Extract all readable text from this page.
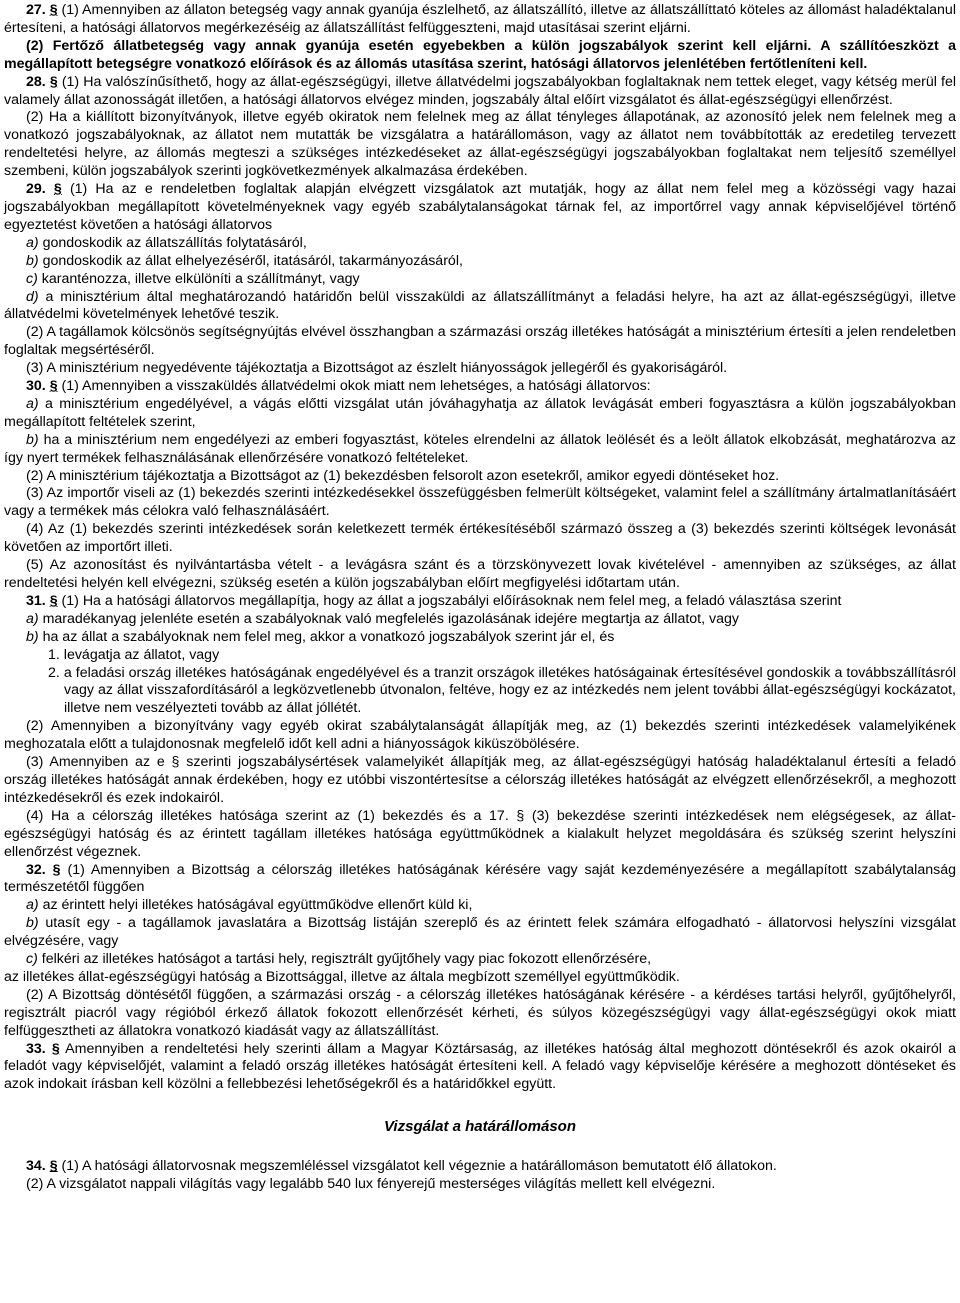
27. § (1) Amennyiben az állaton betegség vagy annak gyanúja észlelhető, az állatszállító, illetve az állatszállíttató köteles az állomást haladéktalanul értesíteni, a hatósági állatorvos megérkezéséig az állatszállítást felfüggeszteni, majd utasításai szerint eljárni.

(2) Fertőző állatbetegség vagy annak gyanúja esetén egyebekben a külön jogszabályok szerint kell eljárni. A szállítóeszközt a megállapított betegségre vonatkozó előírások és az állomás utasítása szerint, hatósági állatorvos jelenlétében fertőtleníteni kell.

28. § (1) Ha valószínűsíthető, hogy az állat-egészségügyi, illetve állatvédelmi jogszabályokban foglaltaknak nem tettek eleget, vagy kétség merül fel valamely állat azonosságát illetően, a hatósági állatorvos elvégez minden, jogszabály által előírt vizsgálatot és állat-egészségügyi ellenőrzést.

(2) Ha a kiállított bizonyítványok, illetve egyéb okiratok nem felelnek meg az állat tényleges állapotának, az azonosító jelek nem felelnek meg a vonatkozó jogszabályoknak, az állatot nem mutatták be vizsgálatra a határállomáson, vagy az állatot nem továbbították az eredetileg tervezett rendeltetési helyre, az állomás megteszi a szükséges intézkedéseket az állat-egészségügyi jogszabályokban foglaltakat nem teljesítő személlyel szembeni, külön jogszabályok szerinti jogkövetkezmények alkalmazása érdekében.

29. § (1) Ha az e rendeletben foglaltak alapján elvégzett vizsgálatok azt mutatják, hogy az állat nem felel meg a közösségi vagy hazai jogszabályokban megállapított követelményeknek vagy egyéb szabálytalanságokat tárnak fel, az importőrrel vagy annak képviselőjével történő egyeztetést követően a hatósági állatorvos

a) gondoskodik az állatszállítás folytatásáról,

b) gondoskodik az állat elhelyezéséről, itatásáról, takarmányozásáról,

c) karanténozza, illetve elkülöníti a szállítmányt, vagy

d) a minisztérium által meghatározandó határidőn belül visszaküldi az állatszállítmányt a feladási helyre, ha azt az állat-egészségügyi, illetve állatvédelmi követelmények lehetővé teszik.

(2) A tagállamok kölcsönös segítségnyújtás elvével összhangban a származási ország illetékes hatóságát a minisztérium értesíti a jelen rendeletben foglaltak megsértéséről.

(3) A minisztérium negyedévente tájékoztatja a Bizottságot az észlelt hiányosságok jellegéről és gyakoriságáról.

30. § (1) Amennyiben a visszaküldés állatvédelmi okok miatt nem lehetséges, a hatósági állatorvos:

a) a minisztérium engedélyével, a vágás előtti vizsgálat után jóváhagyhatja az állatok levágását emberi fogyasztásra a külön jogszabályokban megállapított feltételek szerint,

b) ha a minisztérium nem engedélyezi az emberi fogyasztást, köteles elrendelni az állatok leölését és a leölt állatok elkobzását, meghatározva az így nyert termékek felhasználásának ellenőrzésére vonatkozó feltételeket.

(2) A minisztérium tájékoztatja a Bizottságot az (1) bekezdésben felsorolt azon esetekről, amikor egyedi döntéseket hoz.

(3) Az importőr viseli az (1) bekezdés szerinti intézkedésekkel összefüggésben felmerült költségeket, valamint felel a szállítmány ártalmatlanításáért vagy a termékek más célokra való felhasználásáért.

(4) Az (1) bekezdés szerinti intézkedések során keletkezett termék értékesítéséből származó összeg a (3) bekezdés szerinti költségek levonását követően az importőrt illeti.

(5) Az azonosítást és nyilvántartásba vételt - a levágásra szánt és a törzskönyvezett lovak kivételével - amennyiben az szükséges, az állat rendeltetési helyén kell elvégezni, szükség esetén a külön jogszabályban előírt megfigyelési időtartam után.

31. § (1) Ha a hatósági állatorvos megállapítja, hogy az állat a jogszabályi előírásoknak nem felel meg, a feladó választása szerint

a) maradékanyag jelenléte esetén a szabályoknak való megfelelés igazolásának idejére megtartja az állatot, vagy

b) ha az állat a szabályoknak nem felel meg, akkor a vonatkozó jogszabályok szerint jár el, és

1. levágatja az állatot, vagy

2. a feladási ország illetékes hatóságának engedélyével és a tranzit országok illetékes hatóságainak értesítésével gondoskik a továbbszállításról vagy az állat visszafordításáról a legközvetlenebb útvonalon, feltéve, hogy ez az intézkedés nem jelent további állat-egészségügyi kockázatot, illetve nem veszélyezteti tovább az állat jóllétét.

(2) Amennyiben a bizonyítvány vagy egyéb okirat szabálytalanságát állapítják meg, az (1) bekezdés szerinti intézkedések valamelyikének meghozatala előtt a tulajdonosnak megfelelő időt kell adni a hiányosságok kiküszöbölésére.

(3) Amennyiben az e § szerinti jogszabálysértések valamelyikét állapítják meg, az állat-egészségügyi hatóság haladéktalanul értesíti a feladó ország illetékes hatóságát annak érdekében, hogy ez utóbbi viszontértesítse a célország illetékes hatóságát az elvégzett ellenőrzésekről, a meghozott intézkedésekről és ezek indokairól.

(4) Ha a célország illetékes hatósága szerint az (1) bekezdés és a 17. § (3) bekezdése szerinti intézkedések nem elégségesek, az állat-egészségügyi hatóság és az érintett tagállam illetékes hatósága együttműködnek a kialakult helyzet megoldására és szükség szerint helyszíni ellenőrzést végeznek.

32. § (1) Amennyiben a Bizottság a célország illetékes hatóságának kérésére vagy saját kezdeményezésére a megállapított szabálytalanság természetétől függően

a) az érintett helyi illetékes hatóságával együttműködve ellenőrt küld ki,

b) utasít egy - a tagállamok javaslatára a Bizottság listáján szereplő és az érintett felek számára elfogadható - állatorvosi helyszíni vizsgálat elvégzésére, vagy

c) felkéri az illetékes hatóságot a tartási hely, regisztrált gyűjtőhely vagy piac fokozott ellenőrzésére,

az illetékes állat-egészségügyi hatóság a Bizottsággal, illetve az általa megbízott személlyel együttműködik.

(2) A Bizottság döntésétől függően, a származási ország - a célország illetékes hatóságának kérésére - a kérdéses tartási helyről, gyűjtőhelyről, regisztrált piacról vagy régióból érkező állatok fokozott ellenőrzését kérheti, és súlyos közegészségügyi vagy állat-egészségügyi okok miatt felfüggesztheti az állatokra vonatkozó kiadását vagy az állatszállítást.

33. § Amennyiben a rendeltetési hely szerinti állam a Magyar Köztársaság, az illetékes hatóság által meghozott döntésekről és azok okairól a feladót vagy képviselőjét, valamint a feladó ország illetékes hatóságát értesíteni kell. A feladó vagy képviselője kérésére a meghozott döntéseket és azok indokait írásban kell közölni a fellebbezési lehetőségekről és a határidőkkel együtt.

Vizsgálat a határállomáson

34. § (1) A hatósági állatorvosnak megszemléléssel vizsgálatot kell végeznie a határállomáson bemutatott élő állatokon.

(2) A vizsgálatot nappali világítás vagy legalább 540 lux fényerejű mesterséges világítás mellett kell elvégezni.
